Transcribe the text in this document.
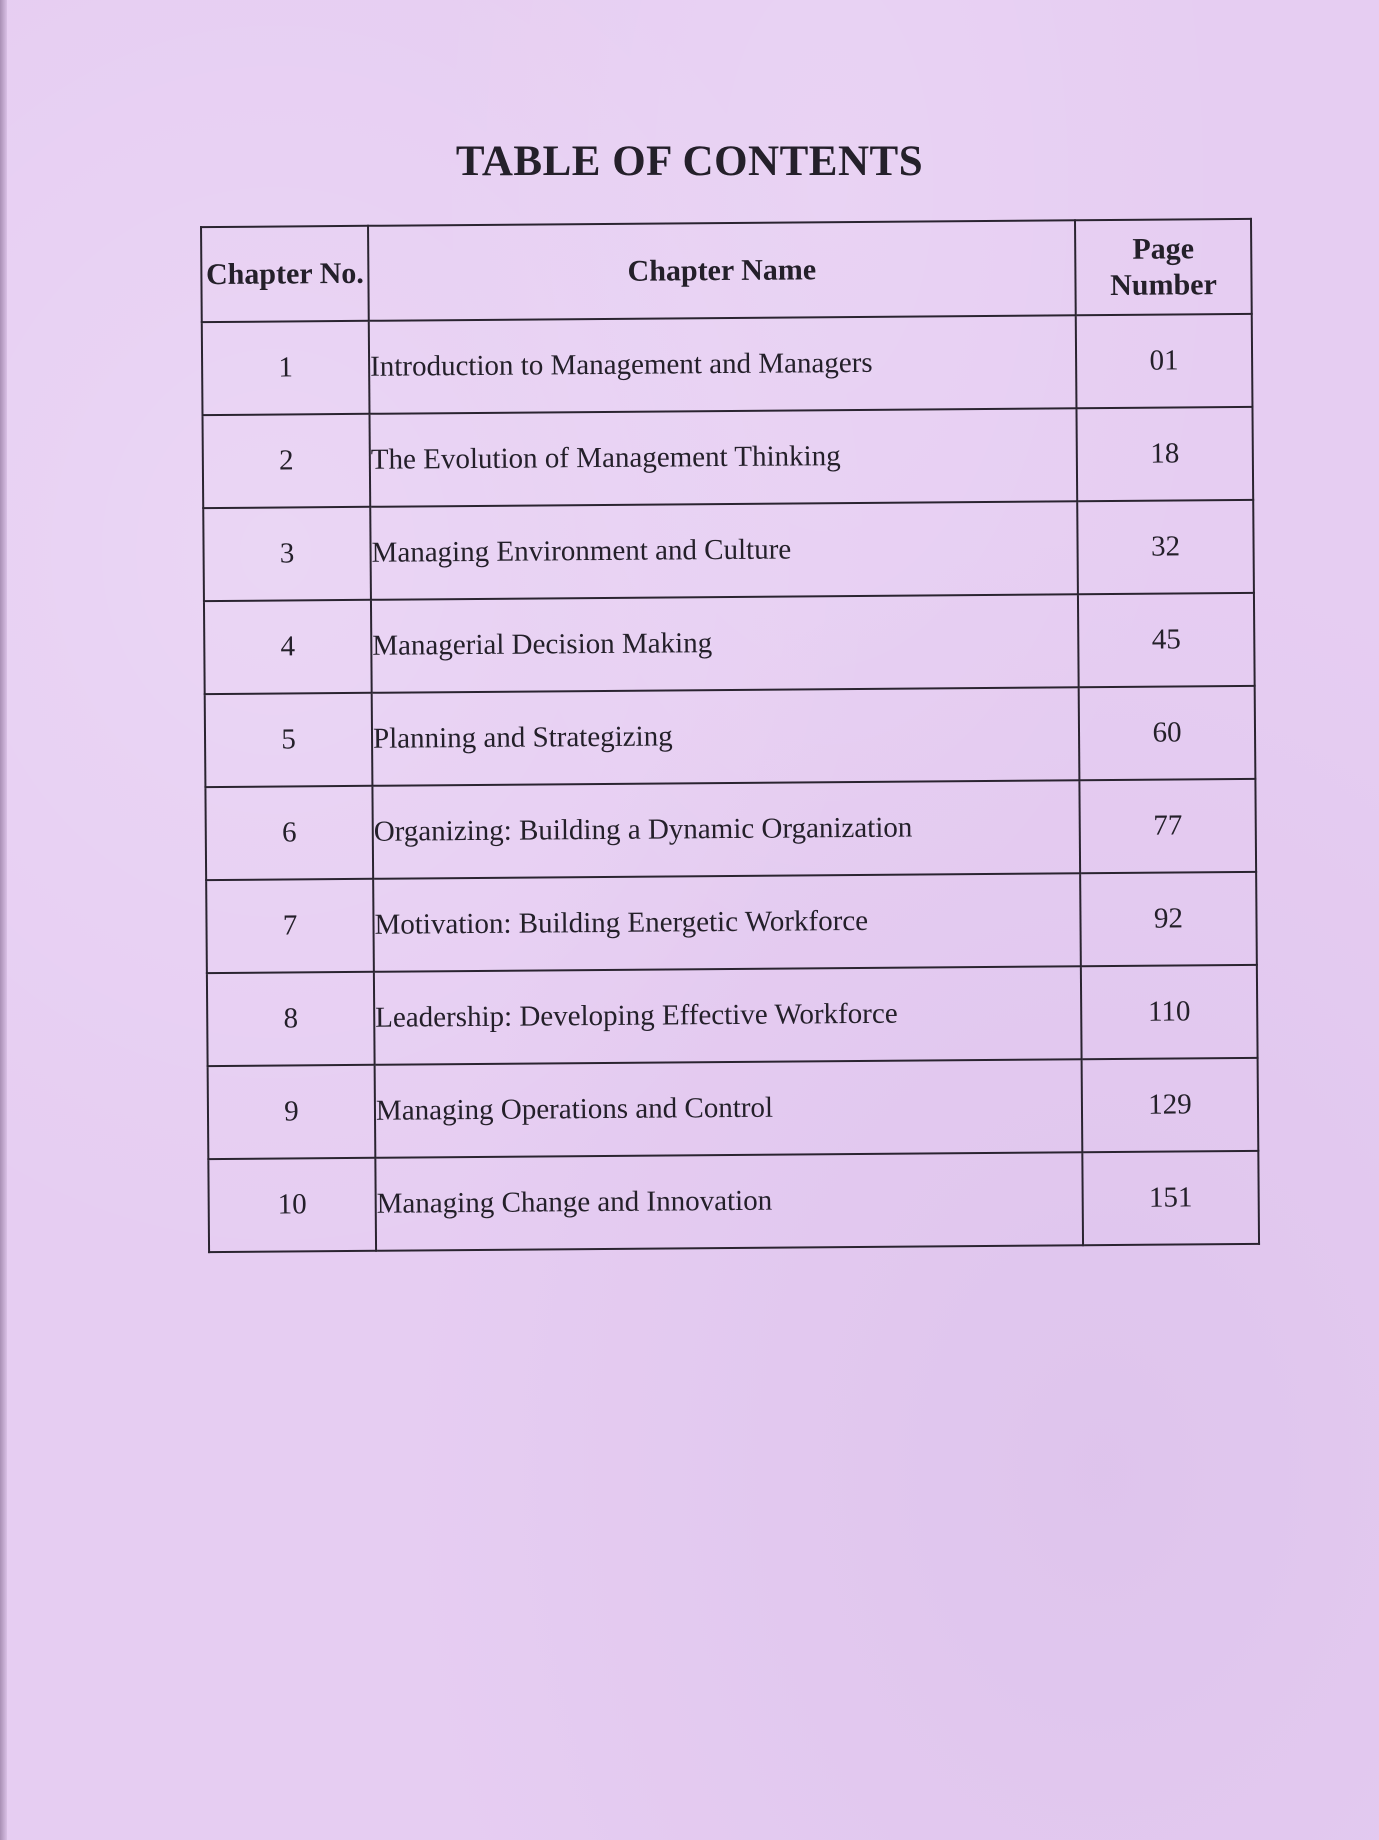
TABLE OF CONTENTS
Chapter No.	Chapter Name	Page Number
1	Introduction to Management and Managers	01
2	The Evolution of Management Thinking	18
3	Managing Environment and Culture	32
4	Managerial Decision Making	45
5	Planning and Strategizing	60
6	Organizing: Building a Dynamic Organization	77
7	Motivation: Building Energetic Workforce	92
8	Leadership: Developing Effective Workforce	110
9	Managing Operations and Control	129
10	Managing Change and Innovation	151
